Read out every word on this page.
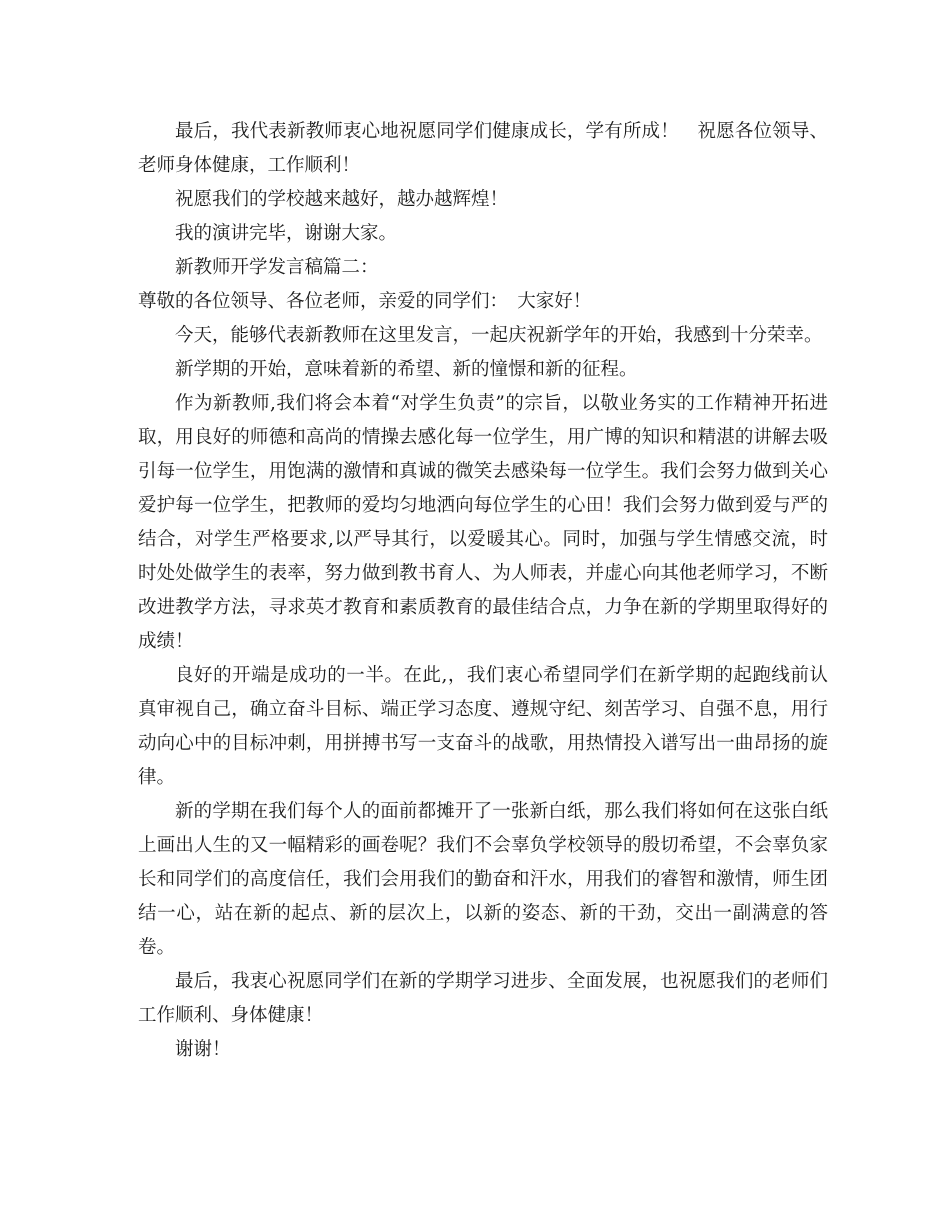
最后，我代表新教师衷心地祝愿同学们健康成长，学有所成！　祝愿各位领导、老师身体健康，工作顺利！

祝愿我们的学校越来越好，越办越辉煌！

我的演讲完毕，谢谢大家。

新教师开学发言稿篇二：

尊敬的各位领导、各位老师，亲爱的同学们：　大家好！

今天，能够代表新教师在这里发言，一起庆祝新学年的开始，我感到十分荣幸。

新学期的开始，意味着新的希望、新的憧憬和新的征程。

作为新教师,我们将会本着“对学生负责”的宗旨，以敬业务实的工作精神开拓进取，用良好的师德和高尚的情操去感化每一位学生，用广博的知识和精湛的讲解去吸引每一位学生，用饱满的激情和真诚的微笑去感染每一位学生。我们会努力做到关心爱护每一位学生，把教师的爱均匀地洒向每位学生的心田！我们会努力做到爱与严的结合，对学生严格要求,以严导其行，以爱暖其心。同时，加强与学生情感交流，时时处处做学生的表率，努力做到教书育人、为人师表，并虚心向其他老师学习，不断改进教学方法，寻求英才教育和素质教育的最佳结合点，力争在新的学期里取得好的成绩！

良好的开端是成功的一半。在此,，我们衷心希望同学们在新学期的起跑线前认真审视自己，确立奋斗目标、端正学习态度、遵规守纪、刻苦学习、自强不息，用行动向心中的目标冲刺，用拼搏书写一支奋斗的战歌，用热情投入谱写出一曲昂扬的旋律。

新的学期在我们每个人的面前都摊开了一张新白纸，那么我们将如何在这张白纸上画出人生的又一幅精彩的画卷呢？我们不会辜负学校领导的殷切希望，不会辜负家长和同学们的高度信任，我们会用我们的勤奋和汗水，用我们的睿智和激情，师生团结一心，站在新的起点、新的层次上，以新的姿态、新的干劲，交出一副满意的答卷。

最后，我衷心祝愿同学们在新的学期学习进步、全面发展，也祝愿我们的老师们工作顺利、身体健康！

谢谢！
